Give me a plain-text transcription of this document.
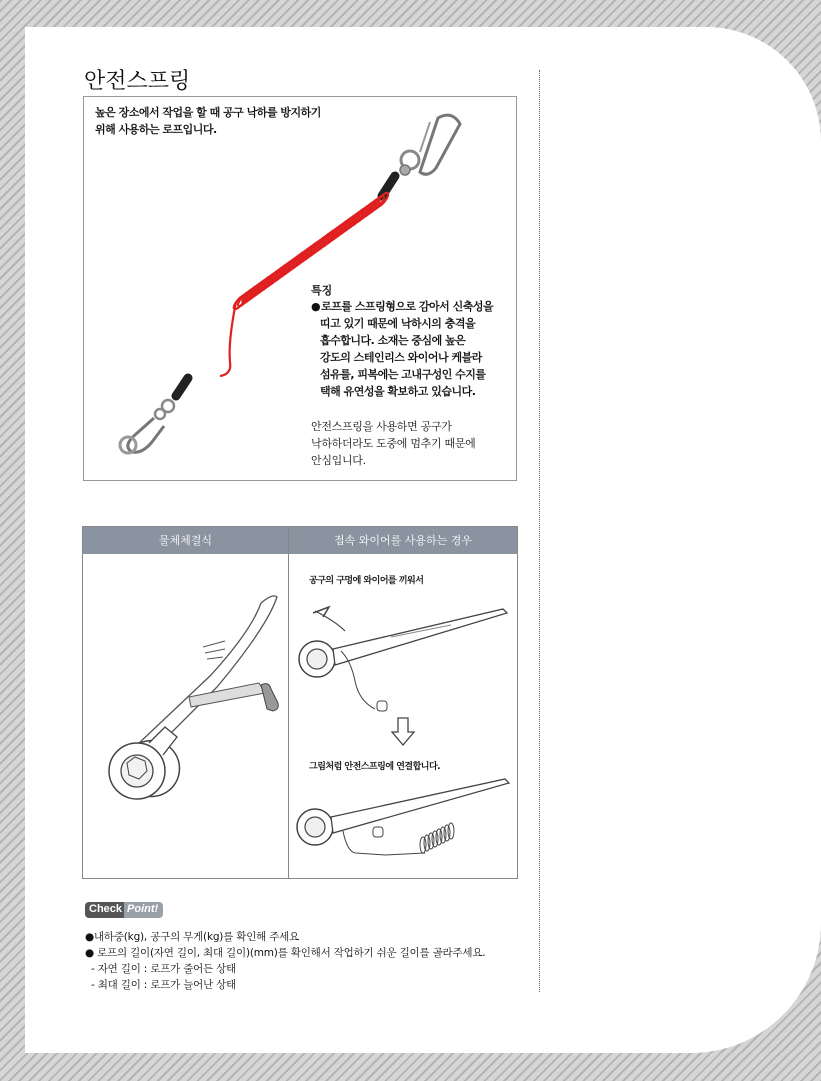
안전스프링
높은 장소에서 작업을 할 때 공구 낙하를 방지하기 위해 사용하는 로프입니다.
특징
●로프를 스프링형으로 감아서 신축성을
띠고 있기 때문에 낙하시의 충격을
흡수합니다. 소재는 중심에 높은
강도의 스테인리스 와이어나 케블라
섬유를, 피복에는 고내구성인 수지를
택해 유연성을 확보하고 있습니다.
안전스프링을 사용하면 공구가
낙하하더라도 도중에 멈추기 때문에
안심입니다.
물체체결식	접속 와이어를 사용하는 경우
공구의 구멍에 와이어를 끼워서
그림처럼 안전스프링에 연결합니다.
Check Point!
●내하중(kg), 공구의 무게(kg)를 확인해 주세요
● 로프의 길이(자연 길이, 최대 길이)(mm)를 확인해서 작업하기 쉬운 길이를 골라주세요.
- 자연 길이 : 로프가 줄어든 상태
- 최대 길이 : 로프가 늘어난 상태
